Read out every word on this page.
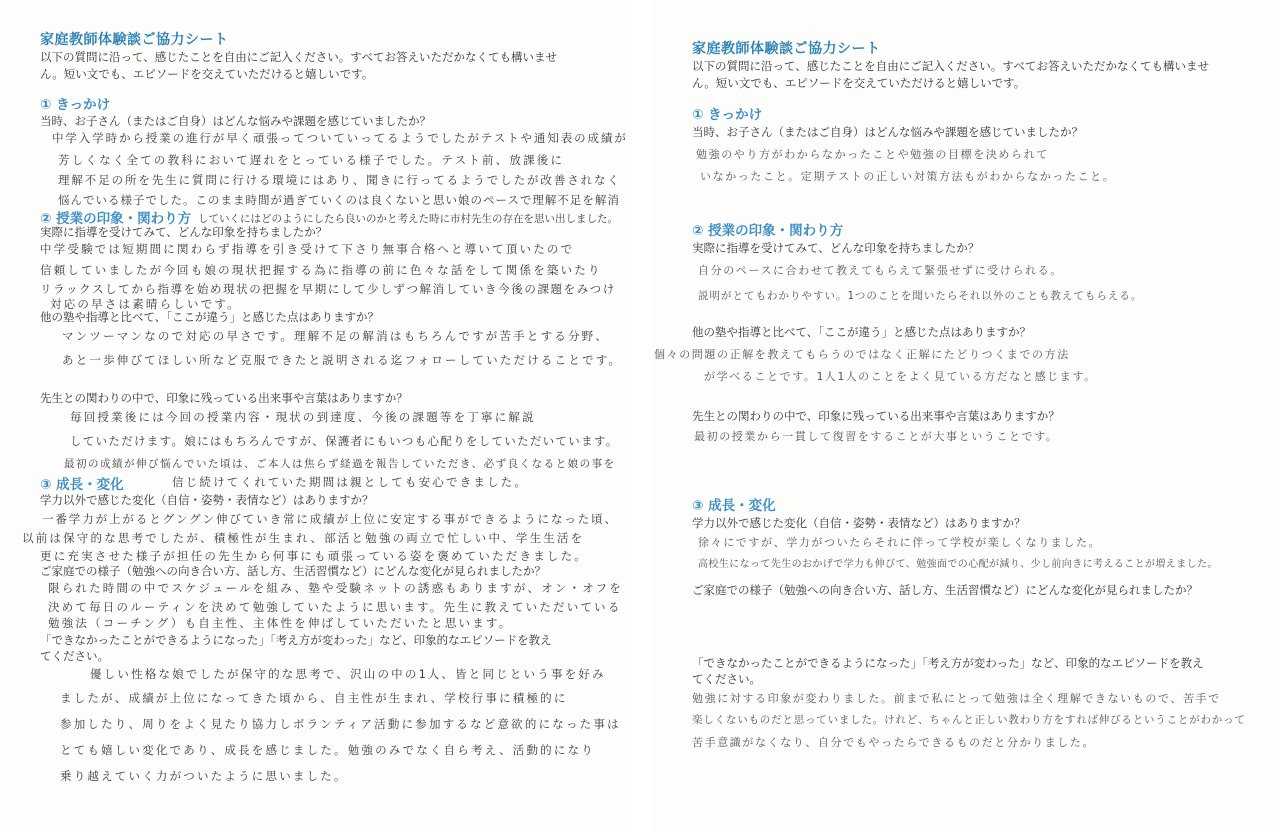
家庭教師体験談ご協力シート
以下の質問に沿って、感じたことを自由にご記入ください。すべてお答えいただかなくても構いませ
ん。短い文でも、エピソードを交えていただけると嬉しいです。
① きっかけ
当時、お子さん（またはご自身）はどんな悩みや課題を感じていましたか？
中学入学時から授業の進行が早く頑張ってついていってるようでしたがテストや通知表の成績が
芳しくなく全ての教科において遅れをとっている様子でした。テスト前、放課後に
理解不足の所を先生に質問に行ける環境にはあり、聞きに行ってるようでしたが改善されなく
悩んでいる様子でした。このまま時間が過ぎていくのは良くないと思い娘のペースで理解不足を解消
② 授業の印象・関わり方 していくにはどのようにしたら良いのかと考えた時に市村先生の存在を思い出しました。
実際に指導を受けてみて、どんな印象を持ちましたか？
中学受験では短期間に関わらず指導を引き受けて下さり無事合格へと導いて頂いたので
信頼していましたが今回も娘の現状把握する為に指導の前に色々な話をして関係を築いたり
リラックスしてから指導を始め現状の把握を早期にして少しずつ解消していき今後の課題をみつけ
対応の早さは素晴らしいです。
他の塾や指導と比べて、「ここが違う」と感じた点はありますか？
マンツーマンなので対応の早さです。理解不足の解消はもちろんですが苦手とする分野、
あと一歩伸びてほしい所など克服できたと説明される迄フォローしていただけることです。
先生との関わりの中で、印象に残っている出来事や言葉はありますか？
毎回授業後には今回の授業内容・現状の到達度、今後の課題等を丁寧に解説
していただけます。娘にはもちろんですが、保護者にもいつも心配りをしていただいています。
最初の成績が伸び悩んでいた頃は、ご本人は焦らず経過を報告していただき、必ず良くなると娘の事を
信じ続けてくれていた期間は親としても安心できました。
③ 成長・変化
学力以外で感じた変化（自信・姿勢・表情など）はありますか？
一番学力が上がるとグングン伸びていき常に成績が上位に安定する事ができるようになった頃、
以前は保守的な思考でしたが、積極性が生まれ、部活と勉強の両立で忙しい中、学生生活を
更に充実させた様子が担任の先生から何事にも頑張っている姿を褒めていただきました。
ご家庭での様子（勉強への向き合い方、話し方、生活習慣など）にどんな変化が見られましたか？
限られた時間の中でスケジュールを組み、塾や受験ネットの誘惑もありますが、オン・オフを
決めて毎日のルーティンを決めて勉強していたように思います。先生に教えていただいている
勉強法（コーチング）も自主性、主体性を伸ばしていただいたと思います。
「できなかったことができるようになった」「考え方が変わった」など、印象的なエピソードを教え
てください。
優しい性格な娘でしたが保守的な思考で、沢山の中の1人、皆と同じという事を好み
ましたが、成績が上位になってきた頃から、自主性が生まれ、学校行事に積極的に
参加したり、周りをよく見たり協力しボランティア活動に参加するなど意欲的になった事は
とても嬉しい変化であり、成長を感じました。勉強のみでなく自ら考え、活動的になり
乗り越えていく力がついたように思いました。
家庭教師体験談ご協力シート
以下の質問に沿って、感じたことを自由にご記入ください。すべてお答えいただかなくても構いませ
ん。短い文でも、エピソードを交えていただけると嬉しいです。
① きっかけ
当時、お子さん（またはご自身）はどんな悩みや課題を感じていましたか？
勉強のやり方がわからなかったことや勉強の目標を決められて
いなかったこと。定期テストの正しい対策方法もがわからなかったこと。
② 授業の印象・関わり方
実際に指導を受けてみて、どんな印象を持ちましたか？
自分のペースに合わせて教えてもらえて緊張せずに受けられる。
説明がとてもわかりやすい。1つのことを聞いたらそれ以外のことも教えてもらえる。
他の塾や指導と比べて、「ここが違う」と感じた点はありますか？
個々の問題の正解を教えてもらうのではなく正解にたどりつくまでの方法
が学べることです。1人1人のことをよく見ている方だなと感じます。
先生との関わりの中で、印象に残っている出来事や言葉はありますか？
最初の授業から一貫して復習をすることが大事ということです。
③ 成長・変化
学力以外で感じた変化（自信・姿勢・表情など）はありますか？
徐々にですが、学力がついたらそれに伴って学校が楽しくなりました。
高校生になって先生のおかげで学力も伸びて、勉強面での心配が減り、少し前向きに考えることが増えました。
ご家庭での様子（勉強への向き合い方、話し方、生活習慣など）にどんな変化が見られましたか？
「できなかったことができるようになった」「考え方が変わった」など、印象的なエピソードを教え
てください。
勉強に対する印象が変わりました。前まで私にとって勉強は全く理解できないもので、苦手で
楽しくないものだと思っていました。けれど、ちゃんと正しい教わり方をすれば伸びるということがわかって
苦手意識がなくなり、自分でもやったらできるものだと分かりました。
